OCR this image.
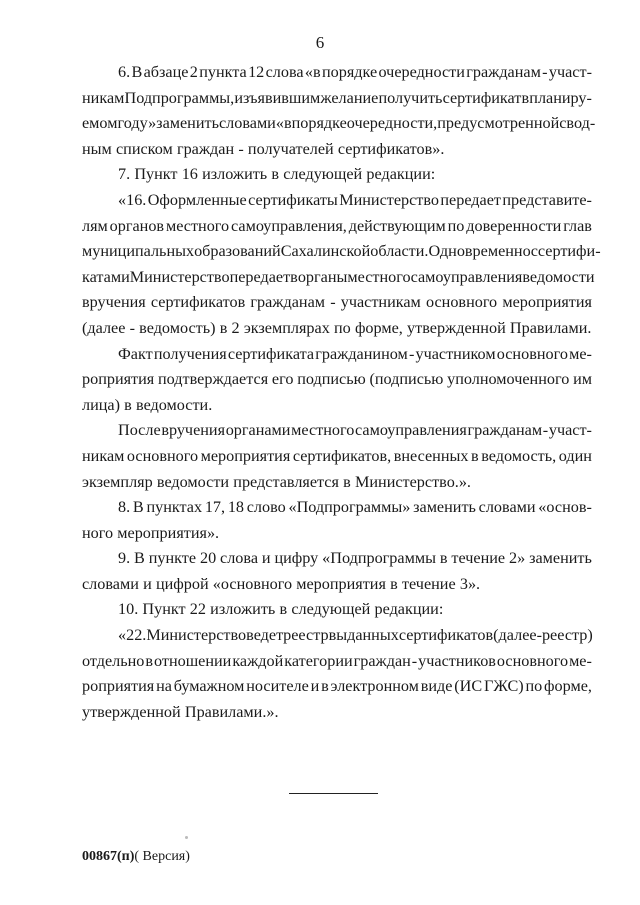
6
6. В абзаце 2 пункта 12 слова «в порядке очередности гражданам - участ-
никам Подпрограммы, изъявившим желание получить сертификат в планиру-
емом году» заменить словами «в порядке очередности, предусмотренной свод-
ным списком граждан - получателей сертификатов».
7. Пункт 16 изложить в следующей редакции:
«16. Оформленные сертификаты Министерство передает представите-
лям органов местного самоуправления, действующим по доверенности глав
муниципальных образований Сахалинской области. Одновременно с сертифи-
катами Министерство передает в органы местного самоуправления ведомости
вручения сертификатов гражданам - участникам основного мероприятия
(далее - ведомость) в 2 экземплярах по форме, утвержденной Правилами.
Факт получения сертификата гражданином - участником основного ме-
роприятия подтверждается его подписью (подписью уполномоченного им
лица) в ведомости.
После вручения органами местного самоуправления гражданам - участ-
никам основного мероприятия сертификатов, внесенных в ведомость, один
экземпляр ведомости представляется в Министерство.».
8. В пунктах 17, 18 слово «Подпрограммы» заменить словами «основ-
ного мероприятия».
9. В пункте 20 слова и цифру «Подпрограммы в течение 2» заменить
словами и цифрой «основного мероприятия в течение 3».
10. Пункт 22 изложить в следующей редакции:
«22. Министерство ведет реестр выданных сертификатов (далее - реестр)
отдельно в отношении каждой категории граждан - участников основного ме-
роприятия на бумажном носителе и в электронном виде (ИС ГЖС) по форме,
утвержденной Правилами.».
00867(п)( Версия)
